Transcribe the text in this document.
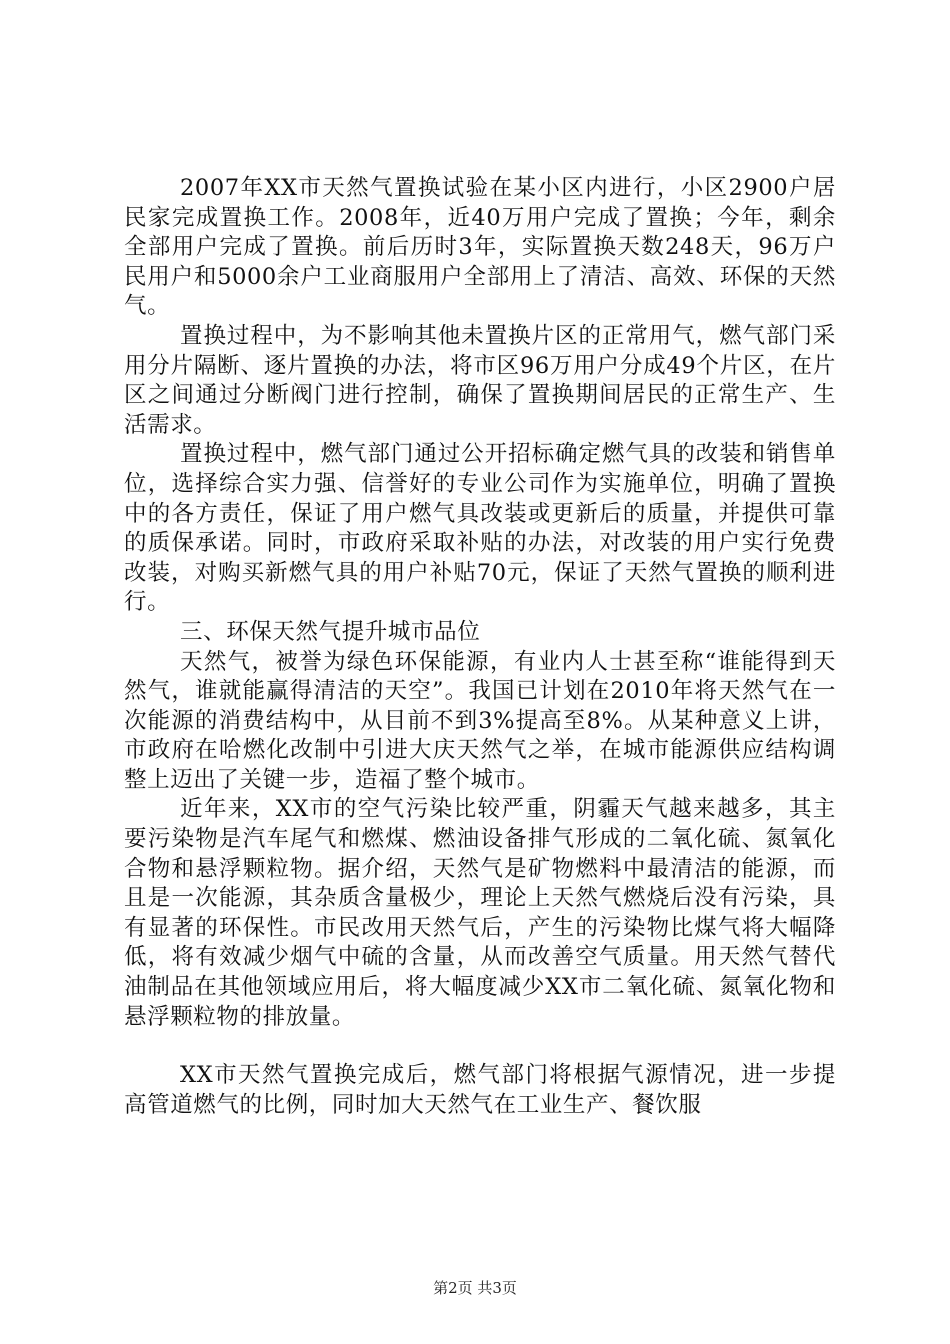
2007年XX市天然气置换试验在某小区内进行，小区2900户居民家完成置换工作。2008年，近40万用户完成了置换；今年，剩余全部用户完成了置换。前后历时3年，实际置换天数248天，96万户民用户和5000余户工业商服用户全部用上了清洁、高效、环保的天然气。

置换过程中，为不影响其他未置换片区的正常用气，燃气部门采用分片隔断、逐片置换的办法，将市区96万用户分成49个片区，在片区之间通过分断阀门进行控制，确保了置换期间居民的正常生产、生活需求。

置换过程中，燃气部门通过公开招标确定燃气具的改装和销售单位，选择综合实力强、信誉好的专业公司作为实施单位，明确了置换中的各方责任，保证了用户燃气具改装或更新后的质量，并提供可靠的质保承诺。同时，市政府采取补贴的办法，对改装的用户实行免费改装，对购买新燃气具的用户补贴70元，保证了天然气置换的顺利进行。

三、环保天然气提升城市品位

天然气，被誉为绿色环保能源，有业内人士甚至称“谁能得到天然气，谁就能赢得清洁的天空”。我国已计划在2010年将天然气在一次能源的消费结构中，从目前不到3%提高至8%。从某种意义上讲，市政府在哈燃化改制中引进大庆天然气之举，在城市能源供应结构调整上迈出了关键一步，造福了整个城市。

近年来，XX市的空气污染比较严重，阴霾天气越来越多，其主要污染物是汽车尾气和燃煤、燃油设备排气形成的二氧化硫、氮氧化合物和悬浮颗粒物。据介绍，天然气是矿物燃料中最清洁的能源，而且是一次能源，其杂质含量极少，理论上天然气燃烧后没有污染，具有显著的环保性。市民改用天然气后，产生的污染物比煤气将大幅降低，将有效减少烟气中硫的含量，从而改善空气质量。用天然气替代油制品在其他领域应用后，将大幅度减少XX市二氧化硫、氮氧化物和悬浮颗粒物的排放量。

XX市天然气置换完成后，燃气部门将根据气源情况，进一步提高管道燃气的比例，同时加大天然气在工业生产、餐饮服

第2页 共3页
